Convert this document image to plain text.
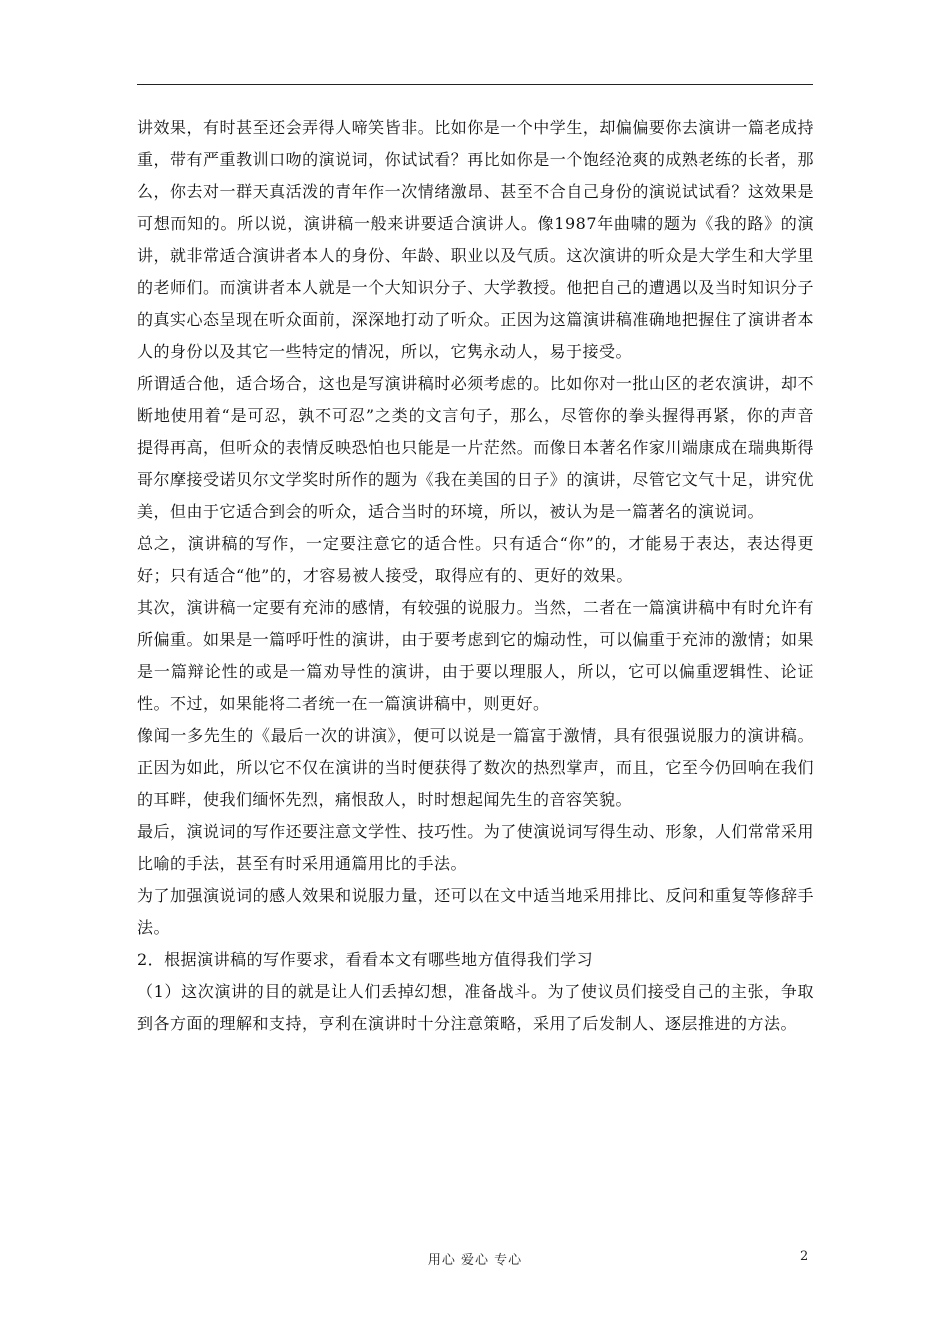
讲效果，有时甚至还会弄得人啼笑皆非。比如你是一个中学生，却偏偏要你去演讲一篇老成持重，带有严重教训口吻的演说词，你试试看？再比如你是一个饱经沧爽的成熟老练的长者，那么，你去对一群天真活泼的青年作一次情绪激昂、甚至不合自己身份的演说试试看？这效果是可想而知的。所以说，演讲稿一般来讲要适合演讲人。像1987年曲啸的题为《我的路》的演讲，就非常适合演讲者本人的身份、年龄、职业以及气质。这次演讲的听众是大学生和大学里的老师们。而演讲者本人就是一个大知识分子、大学教授。他把自己的遭遇以及当时知识分子的真实心态呈现在听众面前，深深地打动了听众。正因为这篇演讲稿准确地把握住了演讲者本人的身份以及其它一些特定的情况，所以，它隽永动人，易于接受。

所谓适合他，适合场合，这也是写演讲稿时必须考虑的。比如你对一批山区的老农演讲，却不断地使用着“是可忍，孰不可忍”之类的文言句子，那么，尽管你的拳头握得再紧，你的声音提得再高，但听众的表情反映恐怕也只能是一片茫然。而像日本著名作家川端康成在瑞典斯得哥尔摩接受诺贝尔文学奖时所作的题为《我在美国的日子》的演讲，尽管它文气十足，讲究优美，但由于它适合到会的听众，适合当时的环境，所以，被认为是一篇著名的演说词。

总之，演讲稿的写作，一定要注意它的适合性。只有适合“你”的，才能易于表达，表达得更好；只有适合“他”的，才容易被人接受，取得应有的、更好的效果。

其次，演讲稿一定要有充沛的感情，有较强的说服力。当然，二者在一篇演讲稿中有时允许有所偏重。如果是一篇呼吁性的演讲，由于要考虑到它的煽动性，可以偏重于充沛的激情；如果是一篇辩论性的或是一篇劝导性的演讲，由于要以理服人，所以，它可以偏重逻辑性、论证性。不过，如果能将二者统一在一篇演讲稿中，则更好。

像闻一多先生的《最后一次的讲演》，便可以说是一篇富于激情，具有很强说服力的演讲稿。正因为如此，所以它不仅在演讲的当时便获得了数次的热烈掌声，而且，它至今仍回响在我们的耳畔，使我们缅怀先烈，痛恨敌人，时时想起闻先生的音容笑貌。

最后，演说词的写作还要注意文学性、技巧性。为了使演说词写得生动、形象，人们常常采用比喻的手法，甚至有时采用通篇用比的手法。

为了加强演说词的感人效果和说服力量，还可以在文中适当地采用排比、反问和重复等修辞手法。

2．根据演讲稿的写作要求，看看本文有哪些地方值得我们学习

（1）这次演讲的目的就是让人们丢掉幻想，准备战斗。为了使议员们接受自己的主张，争取到各方面的理解和支持，亨利在演讲时十分注意策略，采用了后发制人、逐层推进的方法。

用心 爱心 专心	2
